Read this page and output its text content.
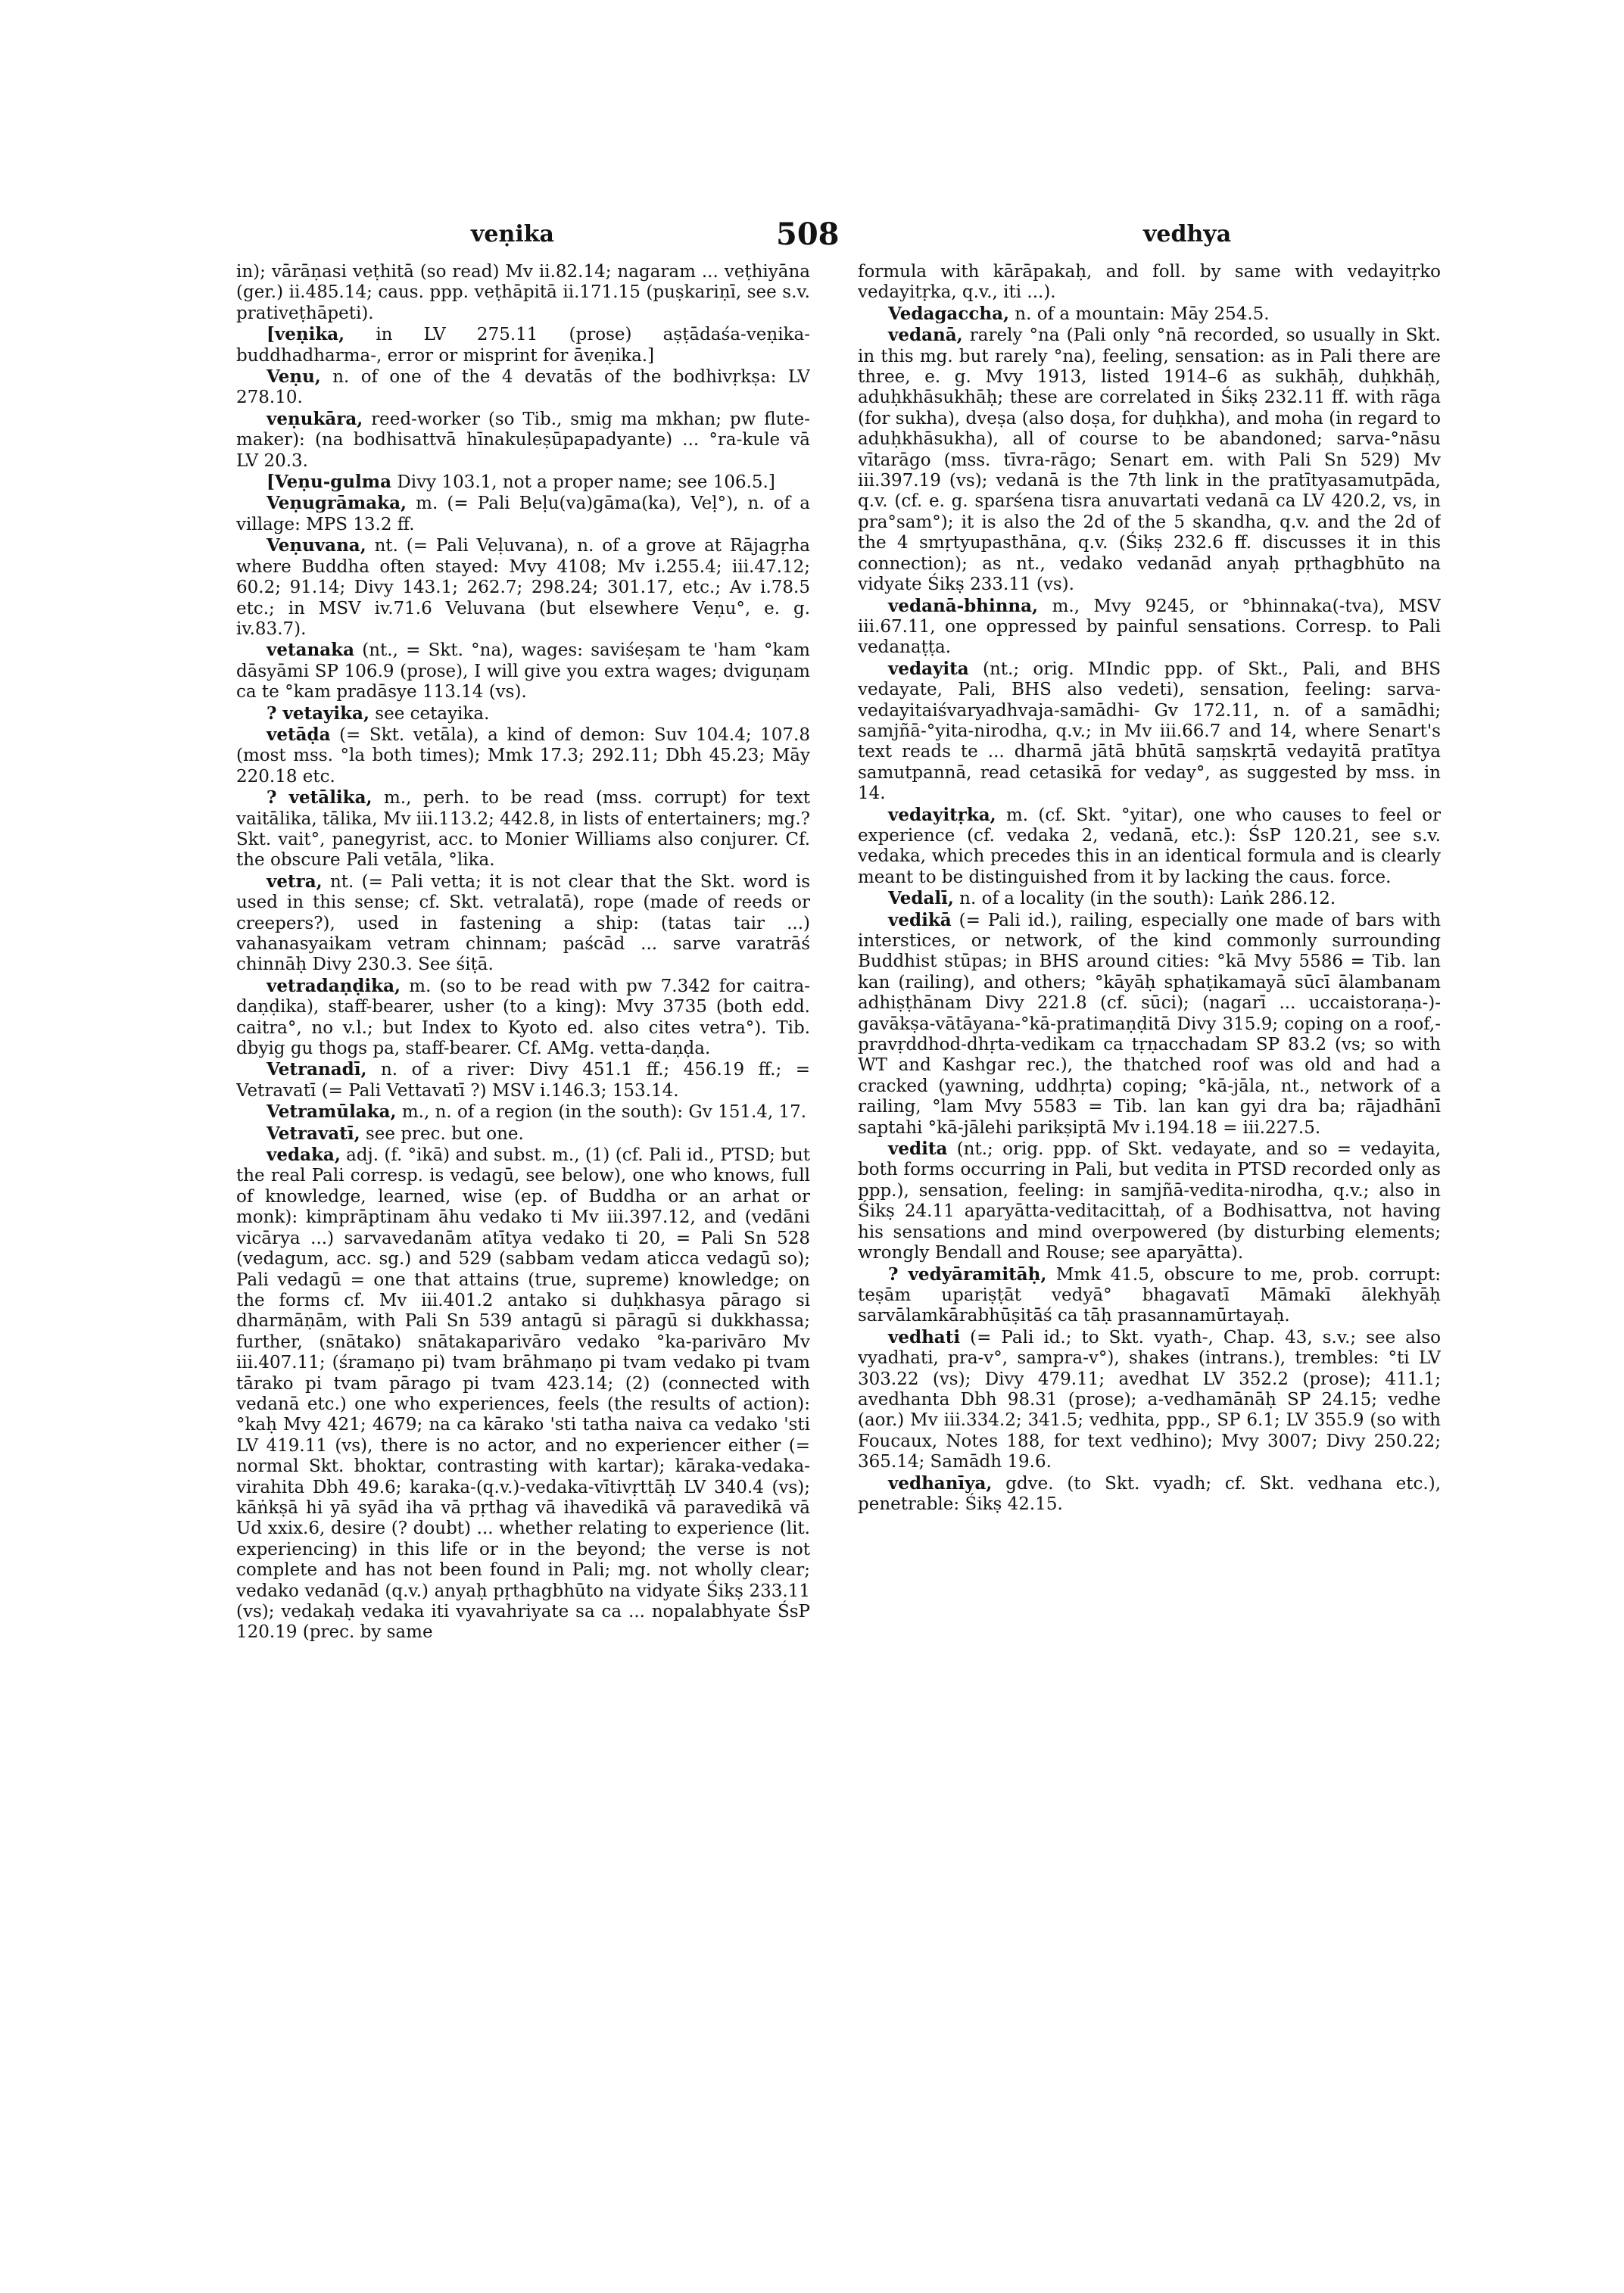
veṇika	508	vedhya

in); vārāṇasi veṭhitā (so read) Mv ii.82.14; nagaram ... veṭhiyāna (ger.) ii.485.14; caus. ppp. veṭhāpitā ii.171.15 (puṣkariṇī, see s.v. prativeṭhāpeti).

[veṇika, in LV 275.11 (prose) aṣṭādaśa-veṇika-buddhadharma-, error or misprint for āveṇika.]

Veṇu, n. of one of the 4 devatās of the bodhivṛkṣa: LV 278.10.

veṇukāra, reed-worker (so Tib., smig ma mkhan; pw flute-maker): (na bodhisattvā hīnakuleṣūpapadyante) ... °ra-kule vā LV 20.3.

[Veṇu-gulma Divy 103.1, not a proper name; see 106.5.]

Veṇugrāmaka, m. (= Pali Beḷu(va)gāma(ka), Veḷ°), n. of a village: MPS 13.2 ff.

Veṇuvana, nt. (= Pali Veḷuvana), n. of a grove at Rājagṛha where Buddha often stayed: Mvy 4108; Mv i.255.4; iii.47.12; 60.2; 91.14; Divy 143.1; 262.7; 298.24; 301.17, etc.; Av i.78.5 etc.; in MSV iv.71.6 Veluvana (but elsewhere Veṇu°, e. g. iv.83.7).

vetanaka (nt., = Skt. °na), wages: saviśeṣam te 'ham °kam dāsyāmi SP 106.9 (prose), I will give you extra wages; dviguṇam ca te °kam pradāsye 113.14 (vs).

? vetayika, see cetayika.

vetāḍa (= Skt. vetāla), a kind of demon: Suv 104.4; 107.8 (most mss. °la both times); Mmk 17.3; 292.11; Dbh 45.23; Māy 220.18 etc.

? vetālika, m., perh. to be read (mss. corrupt) for text vaitālika, tālika, Mv iii.113.2; 442.8, in lists of entertainers; mg.? Skt. vait°, panegyrist, acc. to Monier Williams also conjurer. Cf. the obscure Pali vetāla, °lika.

vetra, nt. (= Pali vetta; it is not clear that the Skt. word is used in this sense; cf. Skt. vetralatā), rope (made of reeds or creepers?), used in fastening a ship: (tatas tair ...) vahanasyaikam vetram chinnam; paścād ... sarve varatrāś chinnāḥ Divy 230.3. See śiṭā.

vetradaṇḍika, m. (so to be read with pw 7.342 for caitra-daṇḍika), staff-bearer, usher (to a king): Mvy 3735 (both edd. caitra°, no v.l.; but Index to Kyoto ed. also cites vetra°). Tib. dbyig gu thogs pa, staff-bearer. Cf. AMg. vetta-daṇḍa.

Vetranadī, n. of a river: Divy 451.1 ff.; 456.19 ff.; = Vetravatī (= Pali Vettavatī ?) MSV i.146.3; 153.14.

Vetramūlaka, m., n. of a region (in the south): Gv 151.4, 17.

Vetravatī, see prec. but one.

vedaka, adj. (f. °ikā) and subst. m., (1) (cf. Pali id., PTSD; but the real Pali corresp. is vedagū, see below), one who knows, full of knowledge, learned, wise (ep. of Buddha or an arhat or monk): kimprāptinam āhu vedako ti Mv iii.397.12, and (vedāni vicārya ...) sarvavedanām atītya vedako ti 20, = Pali Sn 528 (vedagum, acc. sg.) and 529 (sabbam vedam aticca vedagū so); Pali vedagū = one that attains (true, supreme) knowledge; on the forms cf. Mv iii.401.2 antako si duḥkhasya pārago si dharmāṇām, with Pali Sn 539 antagū si pāragū si dukkhassa; further, (snātako) snātakaparivāro vedako °ka-parivāro Mv iii.407.11; (śramaṇo pi) tvam brāhmaṇo pi tvam vedako pi tvam tārako pi tvam pārago pi tvam 423.14; (2) (connected with vedanā etc.) one who experiences, feels (the results of action): °kaḥ Mvy 421; 4679; na ca kārako 'sti tatha naiva ca vedako 'sti LV 419.11 (vs), there is no actor, and no experiencer either (= normal Skt. bhoktar, contrasting with kartar); kāraka-vedaka-virahita Dbh 49.6; karaka-(q.v.)-vedaka-vītivṛttāḥ LV 340.4 (vs); kāṅkṣā hi yā syād iha vā pṛthag vā ihavedikā vā paravedikā vā Ud xxix.6, desire (? doubt) ... whether relating to experience (lit. experiencing) in this life or in the beyond; the verse is not complete and has not been found in Pali; mg. not wholly clear; vedako vedanād (q.v.) anyaḥ pṛthagbhūto na vidyate Śikṣ 233.11 (vs); vedakaḥ vedaka iti vyavahriyate sa ca ... nopalabhyate ŚsP 120.19 (prec. by same

formula with kārāpakaḥ, and foll. by same with vedayitṛko vedayitṛka, q.v., iti ...).

Vedagaccha, n. of a mountain: Māy 254.5.

vedanā, rarely °na (Pali only °nā recorded, so usually in Skt. in this mg. but rarely °na), feeling, sensation: as in Pali there are three, e. g. Mvy 1913, listed 1914–6 as sukhāḥ, duḥkhāḥ, aduḥkhāsukhāḥ; these are correlated in Śikṣ 232.11 ff. with rāga (for sukha), dveṣa (also doṣa, for duḥkha), and moha (in regard to aduḥkhāsukha), all of course to be abandoned; sarva-°nāsu vītarāgo (mss. tīvra-rāgo; Senart em. with Pali Sn 529) Mv iii.397.19 (vs); vedanā is the 7th link in the pratītyasamutpāda, q.v. (cf. e. g. sparśena tisra anuvartati vedanā ca LV 420.2, vs, in pra°sam°); it is also the 2d of the 5 skandha, q.v. and the 2d of the 4 smṛtyupasthāna, q.v. (Śikṣ 232.6 ff. discusses it in this connection); as nt., vedako vedanād anyaḥ pṛthagbhūto na vidyate Śikṣ 233.11 (vs).

vedanā-bhinna, m., Mvy 9245, or °bhinnaka(-tva), MSV iii.67.11, one oppressed by painful sensations. Corresp. to Pali vedanaṭṭa.

vedayita (nt.; orig. MIndic ppp. of Skt., Pali, and BHS vedayate, Pali, BHS also vedeti), sensation, feeling: sarva-vedayitaiśvaryadhvaja-samādhi- Gv 172.11, n. of a samādhi; samjñā-°yita-nirodha, q.v.; in Mv iii.66.7 and 14, where Senart's text reads te ... dharmā jātā bhūtā saṃskṛtā vedayitā pratītya samutpannā, read cetasikā for veday°, as suggested by mss. in 14.

vedayitṛka, m. (cf. Skt. °yitar), one who causes to feel or experience (cf. vedaka 2, vedanā, etc.): ŚsP 120.21, see s.v. vedaka, which precedes this in an identical formula and is clearly meant to be distinguished from it by lacking the caus. force.

Vedalī, n. of a locality (in the south): Laṅk 286.12.

vedikā (= Pali id.), railing, especially one made of bars with interstices, or network, of the kind commonly surrounding Buddhist stūpas; in BHS around cities: °kā Mvy 5586 = Tib. lan kan (railing), and others; °kāyāḥ sphaṭikamayā sūcī ālambanam adhiṣṭhānam Divy 221.8 (cf. sūci); (nagarī ... uccaistoraṇa-)-gavākṣa-vātāyana-°kā-pratimaṇḍitā Divy 315.9; coping on a roof,-pravṛddhod-dhṛta-vedikam ca tṛṇacchadam SP 83.2 (vs; so with WT and Kashgar rec.), the thatched roof was old and had a cracked (yawning, uddhṛta) coping; °kā-jāla, nt., network of a railing, °lam Mvy 5583 = Tib. lan kan gyi dra ba; rājadhānī saptahi °kā-jālehi parikṣiptā Mv i.194.18 = iii.227.5.

vedita (nt.; orig. ppp. of Skt. vedayate, and so = vedayita, both forms occurring in Pali, but vedita in PTSD recorded only as ppp.), sensation, feeling: in samjñā-vedita-nirodha, q.v.; also in Śikṣ 24.11 aparyātta-veditacittaḥ, of a Bodhisattva, not having his sensations and mind overpowered (by disturbing elements; wrongly Bendall and Rouse; see aparyātta).

? vedyāramitāḥ, Mmk 41.5, obscure to me, prob. corrupt: teṣām upariṣṭāt vedyā° bhagavatī Māmakī ālekhyāḥ sarvālamkārabhūṣitāś ca tāḥ prasannamūrtayaḥ.

vedhati (= Pali id.; to Skt. vyath-, Chap. 43, s.v.; see also vyadhati, pra-v°, sampra-v°), shakes (intrans.), trembles: °ti LV 303.22 (vs); Divy 479.11; avedhat LV 352.2 (prose); 411.1; avedhanta Dbh 98.31 (prose); a-vedhamānāḥ SP 24.15; vedhe (aor.) Mv iii.334.2; 341.5; vedhita, ppp., SP 6.1; LV 355.9 (so with Foucaux, Notes 188, for text vedhino); Mvy 3007; Divy 250.22; 365.14; Samādh 19.6.

vedhanīya, gdve. (to Skt. vyadh; cf. Skt. vedhana etc.), penetrable: Śikṣ 42.15.
